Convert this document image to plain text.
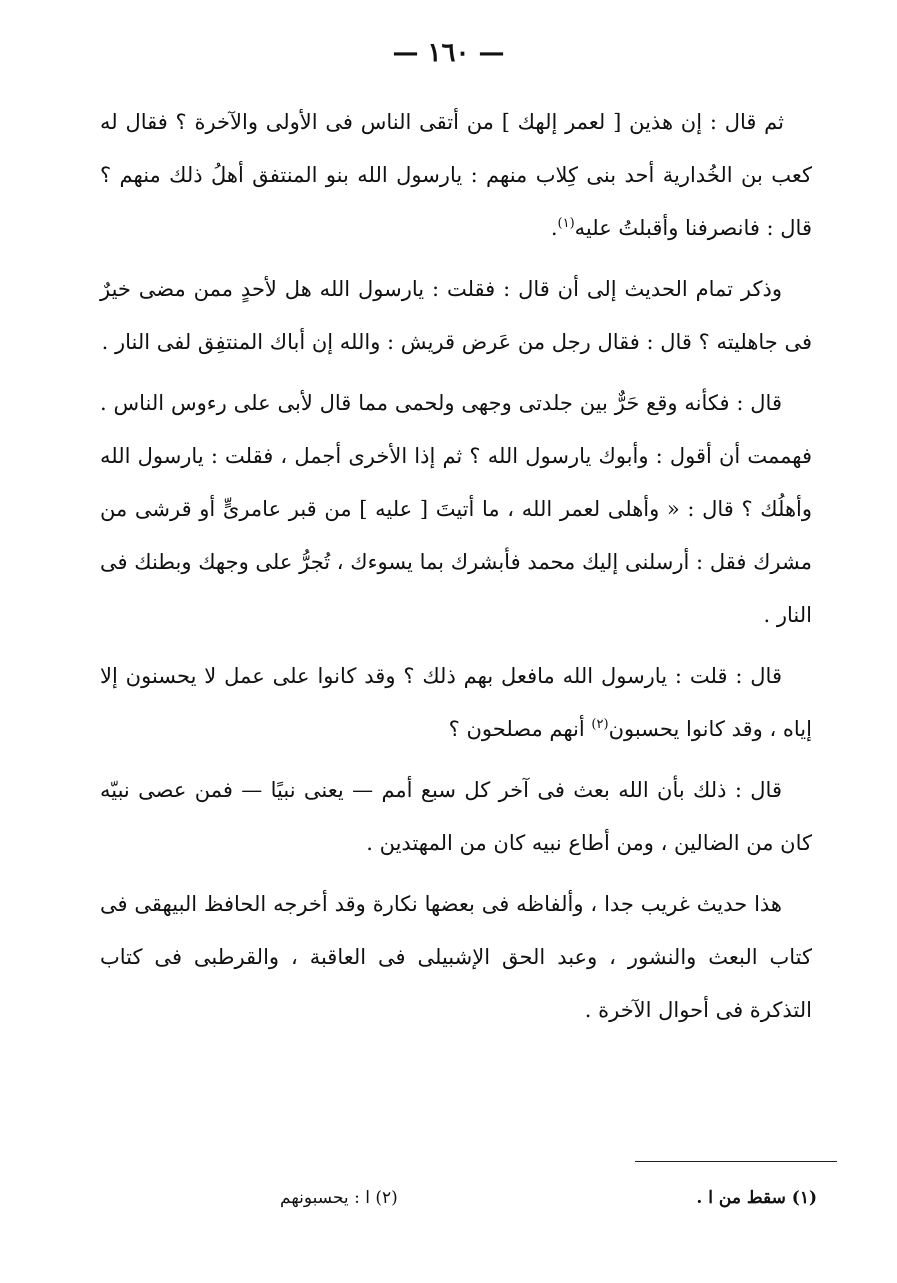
— ١٦٠ —

ثم قال : إن هذين [ لعمر إلهك ] من أتقى الناس فى الأولى والآخرة ؟ فقال له كعب بن الخُدارية أحد بنى كِلاب منهم : يارسول الله بنو المنتفق أهلُ ذلك منهم ؟ قال : فانصرفنا وأقبلتُ عليه$^{(١)}$.

وذكر تمام الحديث إلى أن قال : فقلت : يارسول الله هل لأحدٍ ممن مضى خيرٌ فى جاهليته ؟ قال : فقال رجل من عَرض قريش : والله إن أباك المنتفِق لفى النار .

قال : فكأنه وقع حَرٌّ بين جلدتى وجهى ولحمى مما قال لأبى على رءوس الناس . فهممت أن أقول : وأبوك يارسول الله ؟ ثم إذا الأخرى أجمل ، فقلت : يارسول الله وأهلُك ؟ قال : « وأهلى لعمر الله ، ما أتيتَ [ عليه ] من قبر عامرىٍّ أو قرشى من مشرك فقل : أرسلنى إليك محمد فأبشرك بما يسوءك ، تُجرُّ على وجهك وبطنك فى النار .

قال : قلت : يارسول الله مافعل بهم ذلك ؟ وقد كانوا على عمل لا يحسنون إلا إياه ، وقد كانوا يحسبون$^{(٢)}$ أنهم مصلحون ؟

قال : ذلك بأن الله بعث فى آخر كل سبع أمم — يعنى نبيًا — فمن عصى نبيّه كان من الضالين ، ومن أطاع نبيه كان من المهتدين .

هذا حديث غريب جدا ، وألفاظه فى بعضها نكارة وقد أخرجه الحافظ البيهقى فى كتاب البعث والنشور ، وعبد الحق الإشبيلى فى العاقبة ، والقرطبى فى كتاب التذكرة فى أحوال الآخرة .

(١) سقط من ا .
(٢) ا : يحسبونهم
